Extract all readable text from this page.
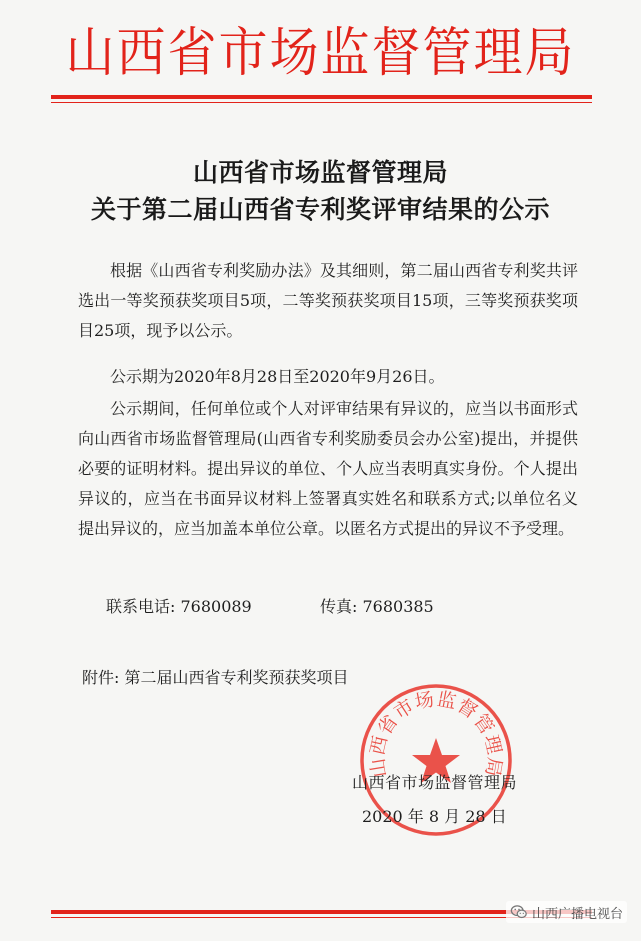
山西省市场监督管理局
山西省市场监督管理局
关于第二届山西省专利奖评审结果的公示
根据《山西省专利奖励办法》及其细则，第二届山西省专利奖共评选出一等奖预获奖项目5项，二等奖预获奖项目15项，三等奖预获奖项目25项，现予以公示。
公示期为2020年8月28日至2020年9月26日。
公示期间，任何单位或个人对评审结果有异议的，应当以书面形式向山西省市场监督管理局(山西省专利奖励委员会办公室)提出，并提供必要的证明材料。提出异议的单位、个人应当表明真实身份。个人提出异议的，应当在书面异议材料上签署真实姓名和联系方式;以单位名义提出异议的，应当加盖本单位公章。以匿名方式提出的异议不予受理。
联系电话: 7680089	传真: 7680385
附件: 第二届山西省专利奖预获奖项目
山西省市场监督管理局
山西省市场监督管理局
2020 年 8 月 28 日
山西广播电视台
